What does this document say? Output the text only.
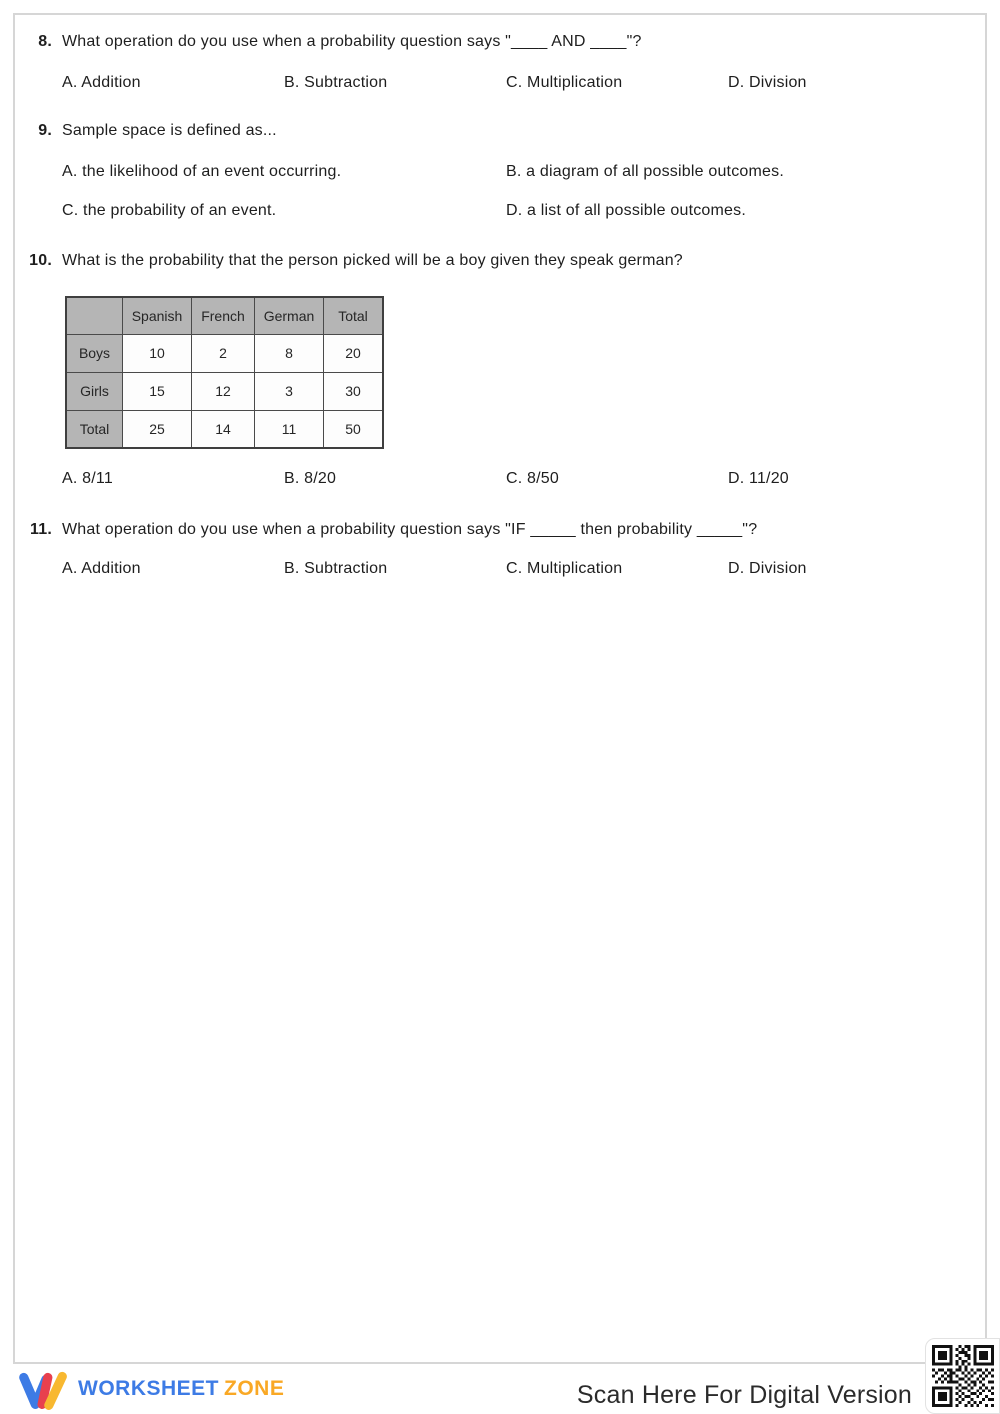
8. What operation do you use when a probability question says "____ AND ____"?
A. Addition	B. Subtraction	C. Multiplication	D. Division
9. Sample space is defined as...
A. the likelihood of an event occurring.	B. a diagram of all possible outcomes.
C. the probability of an event.	D. a list of all possible outcomes.
10. What is the probability that the person picked will be a boy given they speak german?
	Spanish	French	German	Total
Boys	10	2	8	20
Girls	15	12	3	30
Total	25	14	11	50
A. 8/11	B. 8/20	C. 8/50	D. 11/20
11. What operation do you use when a probability question says "IF _____ then probability _____"?
A. Addition	B. Subtraction	C. Multiplication	D. Division
WORKSHEET ZONE	Scan Here For Digital Version
